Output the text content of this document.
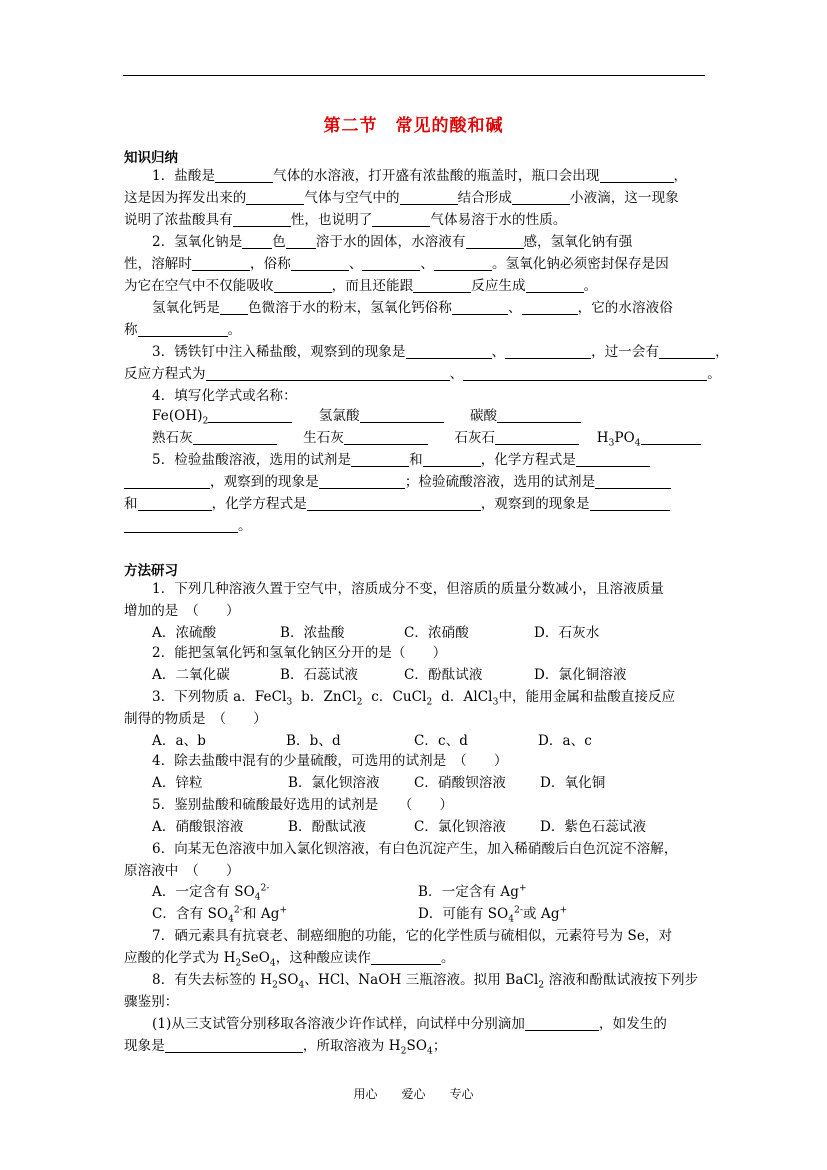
第二节　常见的酸和碱
知识归纳
1．盐酸是	气体的水溶液，打开盛有浓盐酸的瓶盖时，瓶口会出现	，
这是因为挥发出来的	气体与空气中的	结合形成	小液滴，这一现象
说明了浓盐酸具有	性，也说明了	气体易溶于水的性质。
2．氢氧化钠是 色 溶于水的固体，水溶液有	感，氢氧化钠有强
性，溶解时	，俗称	、	、	。氢氧化钠必须密封保存是因
为它在空气中不仅能吸收	，而且还能跟	反应生成	。
氢氧化钙是 色微溶于水的粉末，氢氧化钙俗称	、	，它的水溶液俗
称	。
3．锈铁钉中注入稀盐酸，观察到的现象是	、	，过一会有	，
反应方程式为	、	。
4．填写化学式或名称：
$Fe(OH)_2$	氢氯酸	碳酸
熟石灰	生石灰	石灰石	$H_3PO_4$
5．检验盐酸溶液，选用的试剂是	和	，化学方程式是
，观察到的现象是	；检验硫酸溶液，选用的试剂是
和	，化学方程式是	，观察到的现象是
。
方法研习
1．下列几种溶液久置于空气中，溶质成分不变，但溶质的质量分数减小，且溶液质量
增加的是　（　　）
A．浓硫酸	B．浓盐酸	C．浓硝酸	D．石灰水
2．能把氢氧化钙和氢氧化钠区分开的是（　　）
A．二氧化碳	B．石蕊试液	C．酚酞试液	D．氯化铜溶液
3．下列物质 a．FeCl$_3$  b．ZnCl$_2$  c．CuCl$_2$  d．AlCl$_3$中，能用金属和盐酸直接反应
制得的物质是　（　　）
A．a、b	B．b、d	C．c、d	D．a、c
4．除去盐酸中混有的少量硫酸，可选用的试剂是　（　　）
A．锌粒	B．氯化钡溶液	C．硝酸钡溶液	D．氧化铜
5．鉴别盐酸和硫酸最好选用的试剂是　　（　　）
A．硝酸银溶液	B．酚酞试液	C．氯化钡溶液	D．紫色石蕊试液
6．向某无色溶液中加入氯化钡溶液，有白色沉淀产生，加入稀硝酸后白色沉淀不溶解，
原溶液中　（　　）
A．一定含有 $SO_4^{2-}$	B．一定含有 Ag+
C．含有 $SO_4^{2-}$和 Ag+	D．可能有 $SO_4^{2-}$或 Ag+
7．硒元素具有抗衰老、制癌细胞的功能，它的化学性质与硫相似，元素符号为 Se，对
应酸的化学式为 $H_2SeO_4$，这种酸应读作	。
8．有失去标签的 $H_2SO_4$、HCl、NaOH 三瓶溶液。拟用 BaCl$_2$ 溶液和酚酞试液按下列步
骤鉴别：
(1)从三支试管分别移取各溶液少许作试样，向试样中分别滴加	，如发生的
现象是	，所取溶液为 $H_2SO_4$；
用心　　爱心　　专心
